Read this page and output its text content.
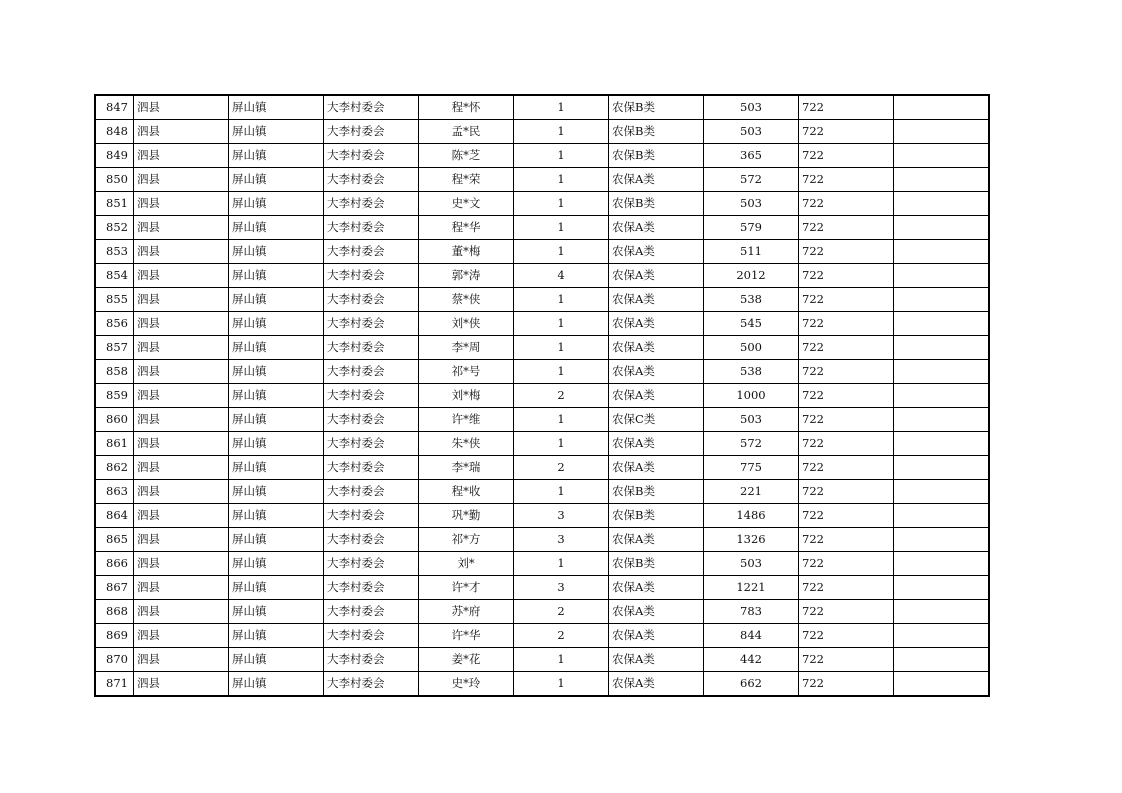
847	泗县	屏山镇	大李村委会	程*怀	1	农保B类	503	722	
848	泗县	屏山镇	大李村委会	孟*民	1	农保B类	503	722	
849	泗县	屏山镇	大李村委会	陈*芝	1	农保B类	365	722	
850	泗县	屏山镇	大李村委会	程*荣	1	农保A类	572	722	
851	泗县	屏山镇	大李村委会	史*文	1	农保B类	503	722	
852	泗县	屏山镇	大李村委会	程*华	1	农保A类	579	722	
853	泗县	屏山镇	大李村委会	董*梅	1	农保A类	511	722	
854	泗县	屏山镇	大李村委会	郭*涛	4	农保A类	2012	722	
855	泗县	屏山镇	大李村委会	蔡*侠	1	农保A类	538	722	
856	泗县	屏山镇	大李村委会	刘*侠	1	农保A类	545	722	
857	泗县	屏山镇	大李村委会	李*周	1	农保A类	500	722	
858	泗县	屏山镇	大李村委会	祁*号	1	农保A类	538	722	
859	泗县	屏山镇	大李村委会	刘*梅	2	农保A类	1000	722	
860	泗县	屏山镇	大李村委会	许*维	1	农保C类	503	722	
861	泗县	屏山镇	大李村委会	朱*侠	1	农保A类	572	722	
862	泗县	屏山镇	大李村委会	李*瑞	2	农保A类	775	722	
863	泗县	屏山镇	大李村委会	程*收	1	农保B类	221	722	
864	泗县	屏山镇	大李村委会	巩*勤	3	农保B类	1486	722	
865	泗县	屏山镇	大李村委会	祁*方	3	农保A类	1326	722	
866	泗县	屏山镇	大李村委会	刘*	1	农保B类	503	722	
867	泗县	屏山镇	大李村委会	许*才	3	农保A类	1221	722	
868	泗县	屏山镇	大李村委会	苏*府	2	农保A类	783	722	
869	泗县	屏山镇	大李村委会	许*华	2	农保A类	844	722	
870	泗县	屏山镇	大李村委会	姜*花	1	农保A类	442	722	
871	泗县	屏山镇	大李村委会	史*玲	1	农保A类	662	722	
